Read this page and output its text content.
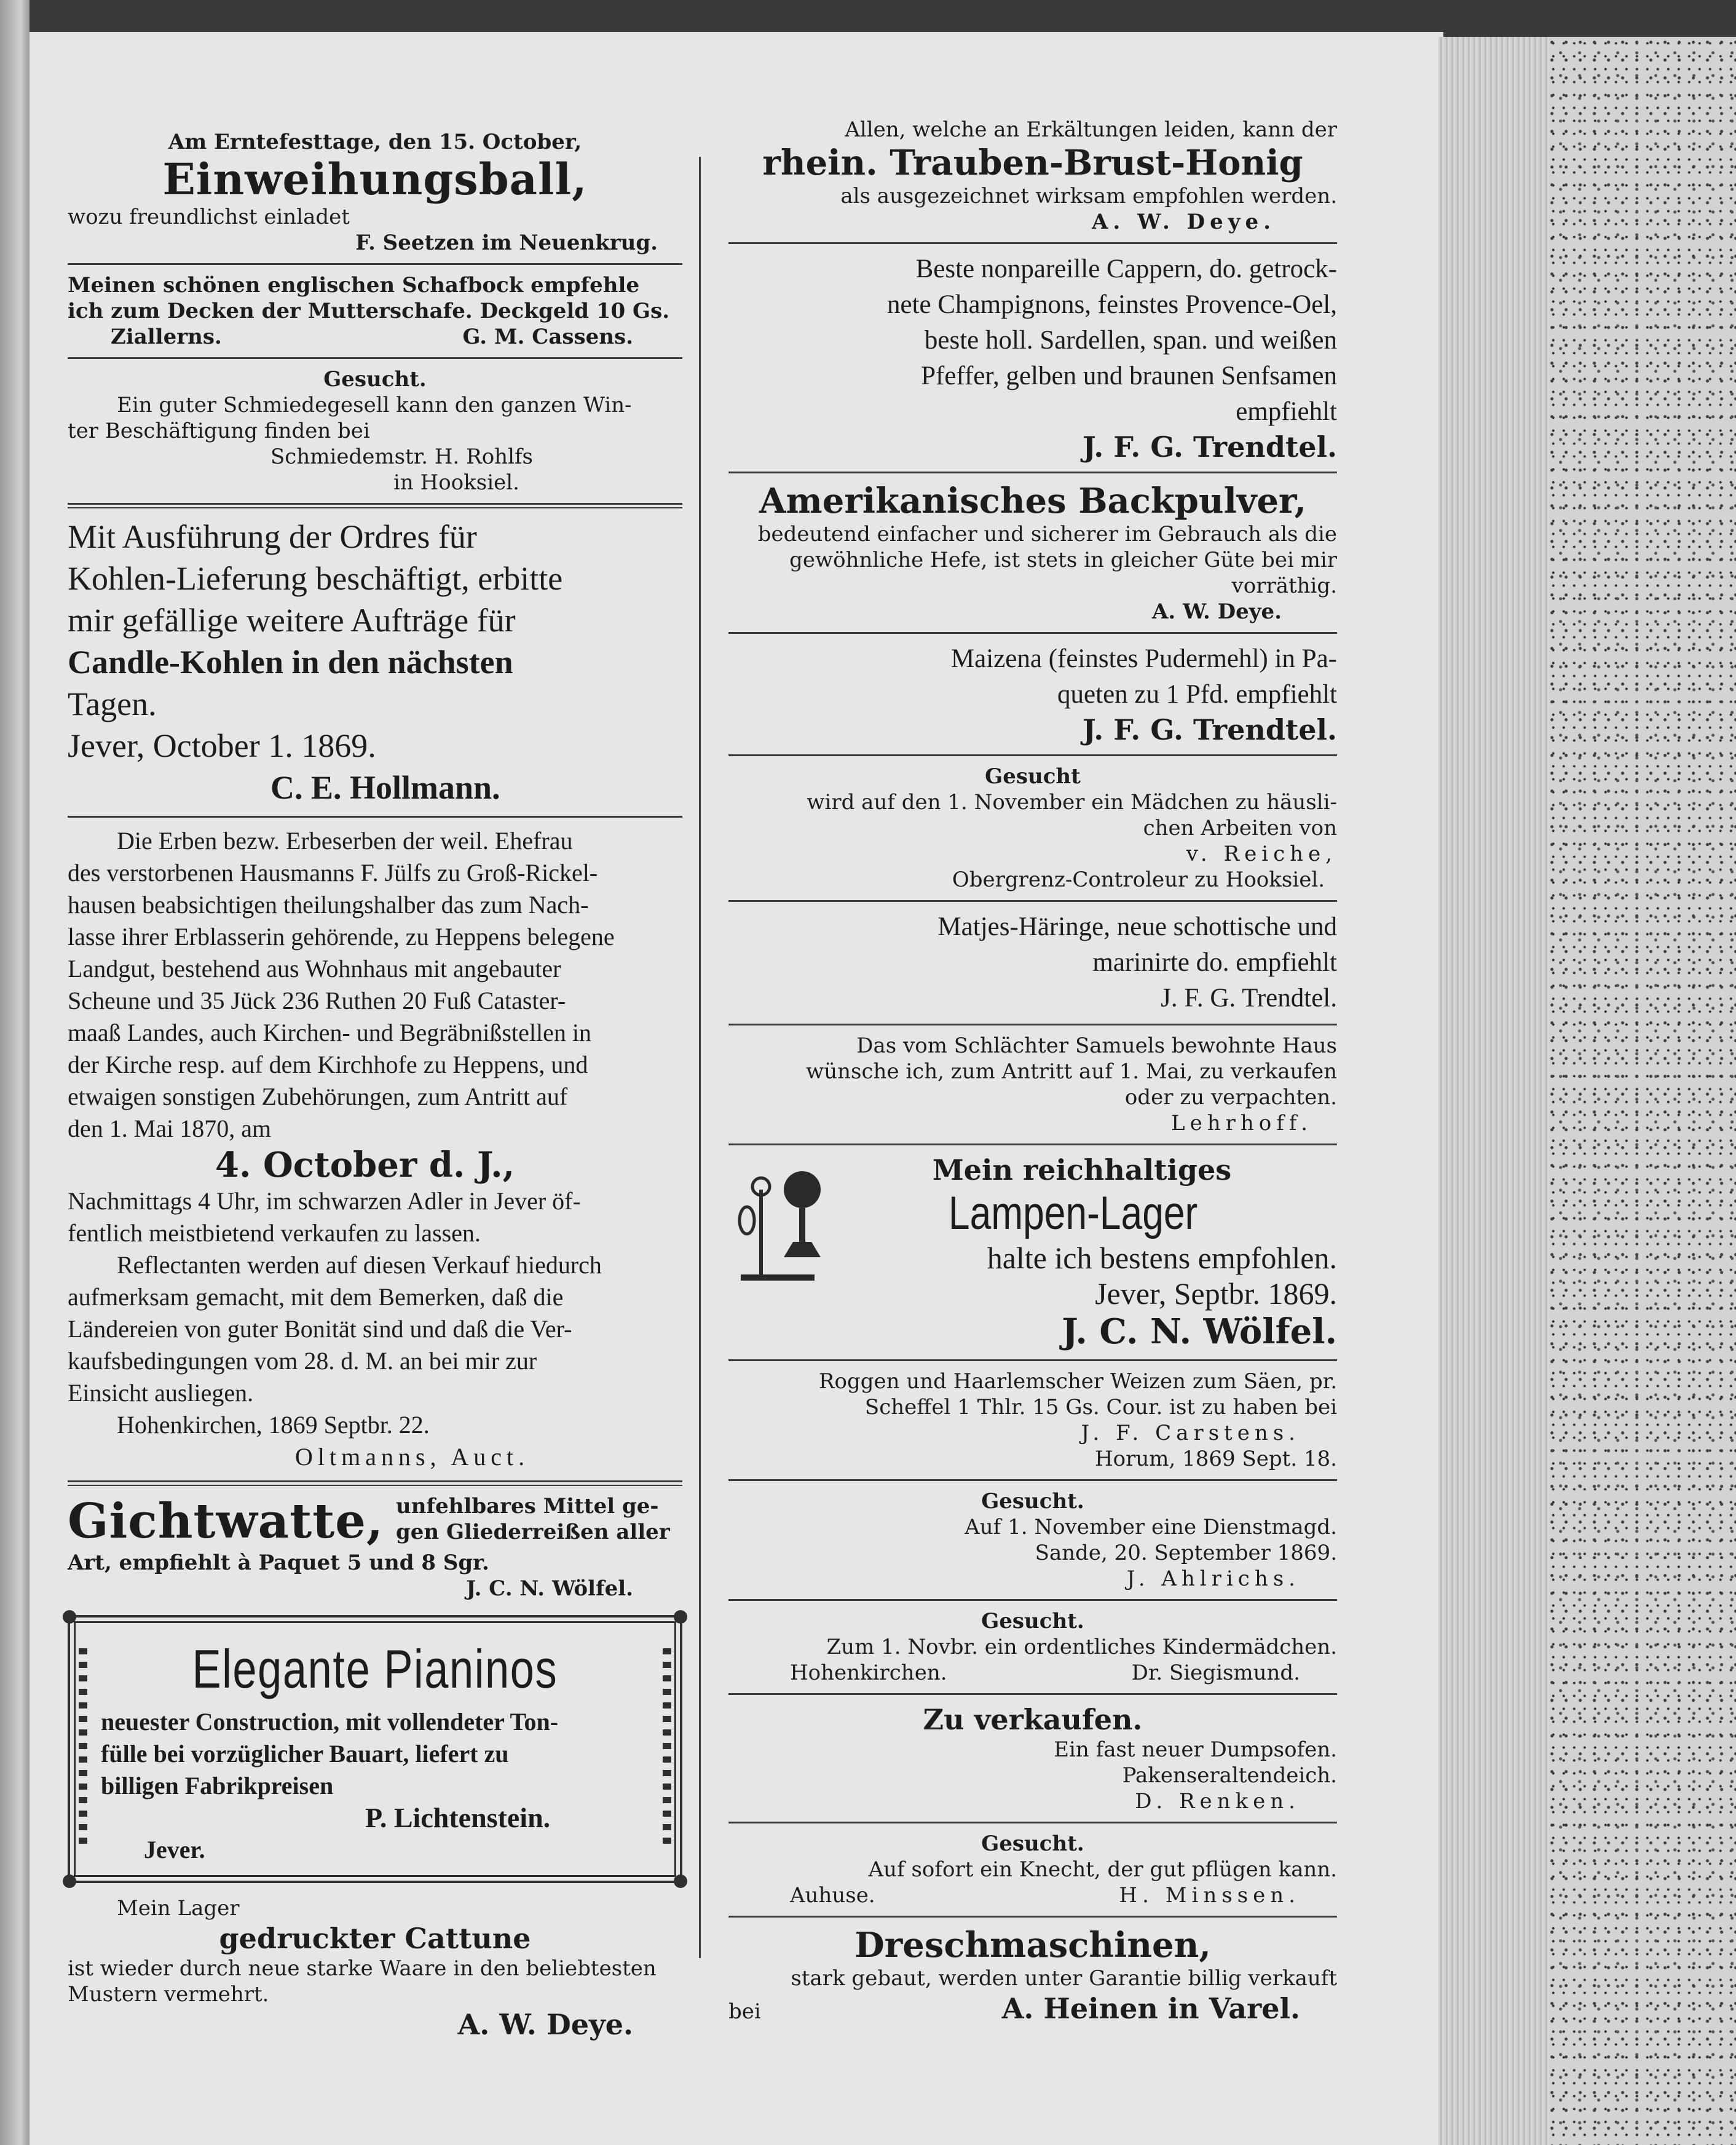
Am Erntefesttage, den 15. October,
Einweihungsball,
wozu freundlichst einladet
F. Seetzen im Neuenkrug.
Meinen schönen englischen Schafbock empfehle
ich zum Decken der Mutterschafe. Deckgeld 10 Gs.
Ziallerns.	G. M. Cassens.
Gesucht.
Ein guter Schmiedegesell kann den ganzen Win-
ter Beschäftigung finden bei
Schmiedemstr. H. Rohlfs
in Hooksiel.
Mit Ausführung der Ordres für
Kohlen-Lieferung beschäftigt, erbitte
mir gefällige weitere Aufträge für
Candle-Kohlen in den nächsten
Tagen.
Jever, October 1. 1869.
C. E. Hollmann.
Die Erben bezw. Erbeserben der weil. Ehefrau
des verstorbenen Hausmanns F. Jülfs zu Groß-Rickel-
hausen beabsichtigen theilungshalber das zum Nach-
lasse ihrer Erblasserin gehörende, zu Heppens belegene
Landgut, bestehend aus Wohnhaus mit angebauter
Scheune und 35 Jück 236 Ruthen 20 Fuß Cataster-
maaß Landes, auch Kirchen- und Begräbnißstellen in
der Kirche resp. auf dem Kirchhofe zu Heppens, und
etwaigen sonstigen Zubehörungen, zum Antritt auf
den 1. Mai 1870, am
4. October d. J.,
Nachmittags 4 Uhr, im schwarzen Adler in Jever öf-
fentlich meistbietend verkaufen zu lassen.
Reflectanten werden auf diesen Verkauf hiedurch
aufmerksam gemacht, mit dem Bemerken, daß die
Ländereien von guter Bonität sind und daß die Ver-
kaufsbedingungen vom 28. d. M. an bei mir zur
Einsicht ausliegen.
Hohenkirchen, 1869 Septbr. 22.
Oltmanns, Auct.
Gichtwatte, unfehlbares Mittel ge-
gen Gliederreißen aller
Art, empfiehlt à Paquet 5 und 8 Sgr.
J. C. N. Wölfel.
Elegante Pianinos
neuester Construction, mit vollendeter Ton-
fülle bei vorzüglicher Bauart, liefert zu
billigen Fabrikpreisen
P. Lichtenstein.
Jever.
Mein Lager
gedruckter Cattune
ist wieder durch neue starke Waare in den beliebtesten
Mustern vermehrt.
A. W. Deye.
Allen, welche an Erkältungen leiden, kann der
rhein. Trauben-Brust-Honig
als ausgezeichnet wirksam empfohlen werden.
A. W. Deye.
Beste nonpareille Cappern, do. getrock-
nete Champignons, feinstes Provence-Oel,
beste holl. Sardellen, span. und weißen
Pfeffer, gelben und braunen Senfsamen
empfiehlt
J. F. G. Trendtel.
Amerikanisches Backpulver,
bedeutend einfacher und sicherer im Gebrauch als die
gewöhnliche Hefe, ist stets in gleicher Güte bei mir
vorräthig.
A. W. Deye.
Maizena (feinstes Pudermehl) in Pa-
queten zu 1 Pfd. empfiehlt
J. F. G. Trendtel.
Gesucht
wird auf den 1. November ein Mädchen zu häusli-
chen Arbeiten von
v. Reiche,
Obergrenz-Controleur zu Hooksiel.
Matjes-Häringe, neue schottische und
marinirte do. empfiehlt
J. F. G. Trendtel.
Das vom Schlächter Samuels bewohnte Haus
wünsche ich, zum Antritt auf 1. Mai, zu verkaufen
oder zu verpachten.
Lehrhoff.
Mein reichhaltiges
Lampen-Lager
halte ich bestens empfohlen.
Jever, Septbr. 1869.
J. C. N. Wölfel.
Roggen und Haarlemscher Weizen zum Säen, pr.
Scheffel 1 Thlr. 15 Gs. Cour. ist zu haben bei
J. F. Carstens.
Horum, 1869 Sept. 18.
Gesucht.
Auf 1. November eine Dienstmagd.
Sande, 20. September 1869.
J. Ahlrichs.
Gesucht.
Zum 1. Novbr. ein ordentliches Kindermädchen.
Hohenkirchen.	Dr. Siegismund.
Zu verkaufen.
Ein fast neuer Dumpsofen.
Pakenseraltendeich.
D. Renken.
Gesucht.
Auf sofort ein Knecht, der gut pflügen kann.
Auhuse.	H. Minssen.
Dreschmaschinen,
stark gebaut, werden unter Garantie billig verkauft
bei	A. Heinen in Varel.
